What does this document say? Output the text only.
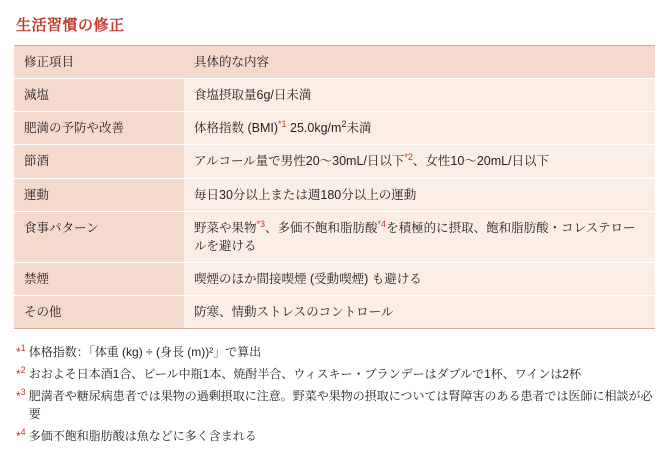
生活習慣の修正
修正項目	具体的な内容
減塩	食塩摂取量6g/日未満
肥満の予防や改善	体格指数 (BMI)$^{*1}$ $25.0kg/m^2$未満
節酒	アルコール量で男性20〜30mL/日以下$^{*2}$、女性10〜20mL/日以下
運動	毎日30分以上または週180分以上の運動
食事パターン	野菜や果物$^{*3}$、多価不飽和脂肪酸$^{*4}$を積極的に摂取、飽和脂肪酸・コレステロールを避ける
禁煙	喫煙のほか間接喫煙 (受動喫煙) も避ける
その他	防寒、情動ストレスのコントロール
*$^1$ 体格指数：「体重 (kg) ÷ (身長 (m))²」で算出
*$^2$ おおよそ日本酒1合、ビール中瓶1本、焼酎半合、ウィスキー・ブランデーはダブルで1杯、ワインは2杯
*$^3$ 肥満者や糖尿病患者では果物の過剰摂取に注意。野菜や果物の摂取については腎障害のある患者では医師に相談が必要
*$^4$ 多価不飽和脂肪酸は魚などに多く含まれる
